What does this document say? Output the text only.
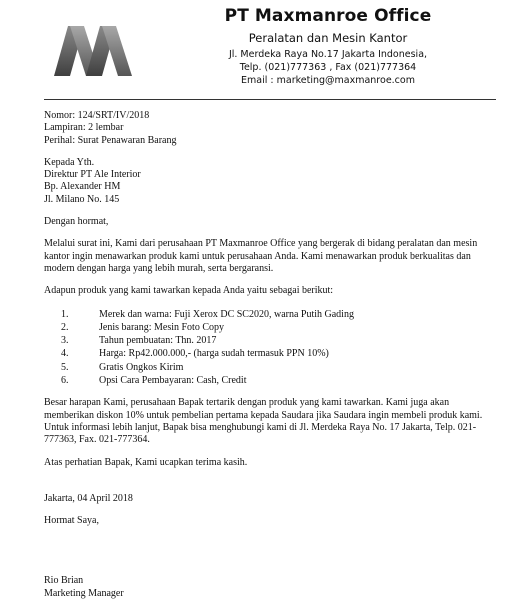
PT Maxmanroe Office
Peralatan dan Mesin Kantor
Jl. Merdeka Raya No.17 Jakarta Indonesia,
Telp. (021)777363 , Fax (021)777364
Email : marketing@maxmanroe.com

Nomor: 124/SRT/IV/2018

Lampiran: 2 lembar

Perihal: Surat Penawaran Barang

Kepada Yth.

Direktur PT Ale Interior

Bp. Alexander HM

Jl. Milano No. 145

Dengan hormat,

Melalui surat ini, Kami dari perusahaan PT Maxmanroe Office yang bergerak di bidang peralatan dan mesin kantor ingin menawarkan produk kami untuk perusahaan Anda. Kami menawarkan produk berkualitas dan modern dengan harga yang lebih murah, serta bergaransi.

Adapun produk yang kami tawarkan kepada Anda yaitu sebagai berikut:

1.	Merek dan warna: Fuji Xerox DC SC2020, warna Putih Gading
2.	Jenis barang: Mesin Foto Copy
3.	Tahun pembuatan: Thn. 2017
4.	Harga: Rp42.000.000,- (harga sudah termasuk PPN 10%)
5.	Gratis Ongkos Kirim
6.	Opsi Cara Pembayaran: Cash, Credit

Besar harapan Kami, perusahaan Bapak tertarik dengan produk yang kami tawarkan. Kami juga akan memberikan diskon 10% untuk pembelian pertama kepada Saudara jika Saudara ingin membeli produk kami. Untuk informasi lebih lanjut, Bapak bisa menghubungi kami di Jl. Merdeka Raya No. 17 Jakarta, Telp. 021-777363, Fax. 021-777364.

Atas perhatian Bapak, Kami ucapkan terima kasih.

Jakarta, 04 April 2018

Hormat Saya,

Rio Brian

Marketing Manager
